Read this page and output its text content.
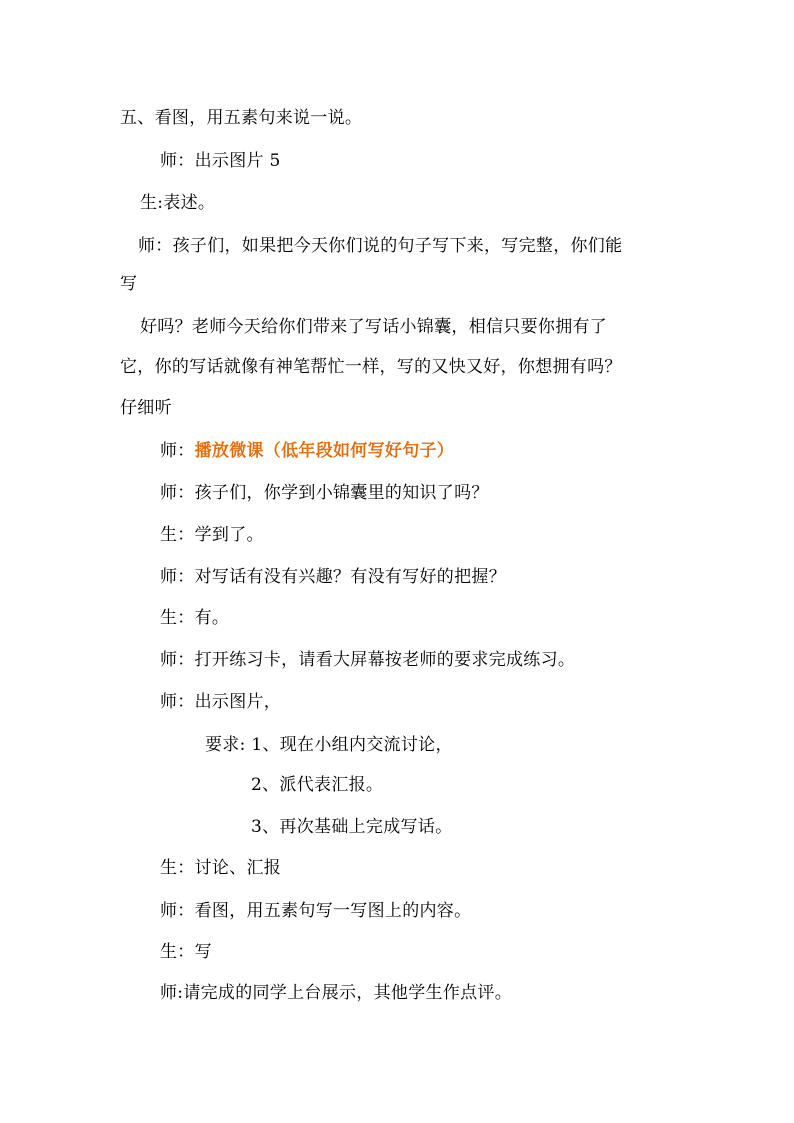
五、看图，用五素句来说一说。
师：出示图片 5
生:表述。
师：孩子们，如果把今天你们说的句子写下来，写完整，你们能
写
好吗？老师今天给你们带来了写话小锦囊，相信只要你拥有了
它，你的写话就像有神笔帮忙一样，写的又快又好，你想拥有吗？
仔细听
师：播放微课（低年段如何写好句子）
师：孩子们，你学到小锦囊里的知识了吗？
生：学到了。
师：对写话有没有兴趣？有没有写好的把握？
生：有。
师：打开练习卡，请看大屏幕按老师的要求完成练习。
师：出示图片，
要求: 1、现在小组内交流讨论，
2、派代表汇报。
3、再次基础上完成写话。
生：讨论、汇报
师：看图，用五素句写一写图上的内容。
生：写
师:请完成的同学上台展示，其他学生作点评。
